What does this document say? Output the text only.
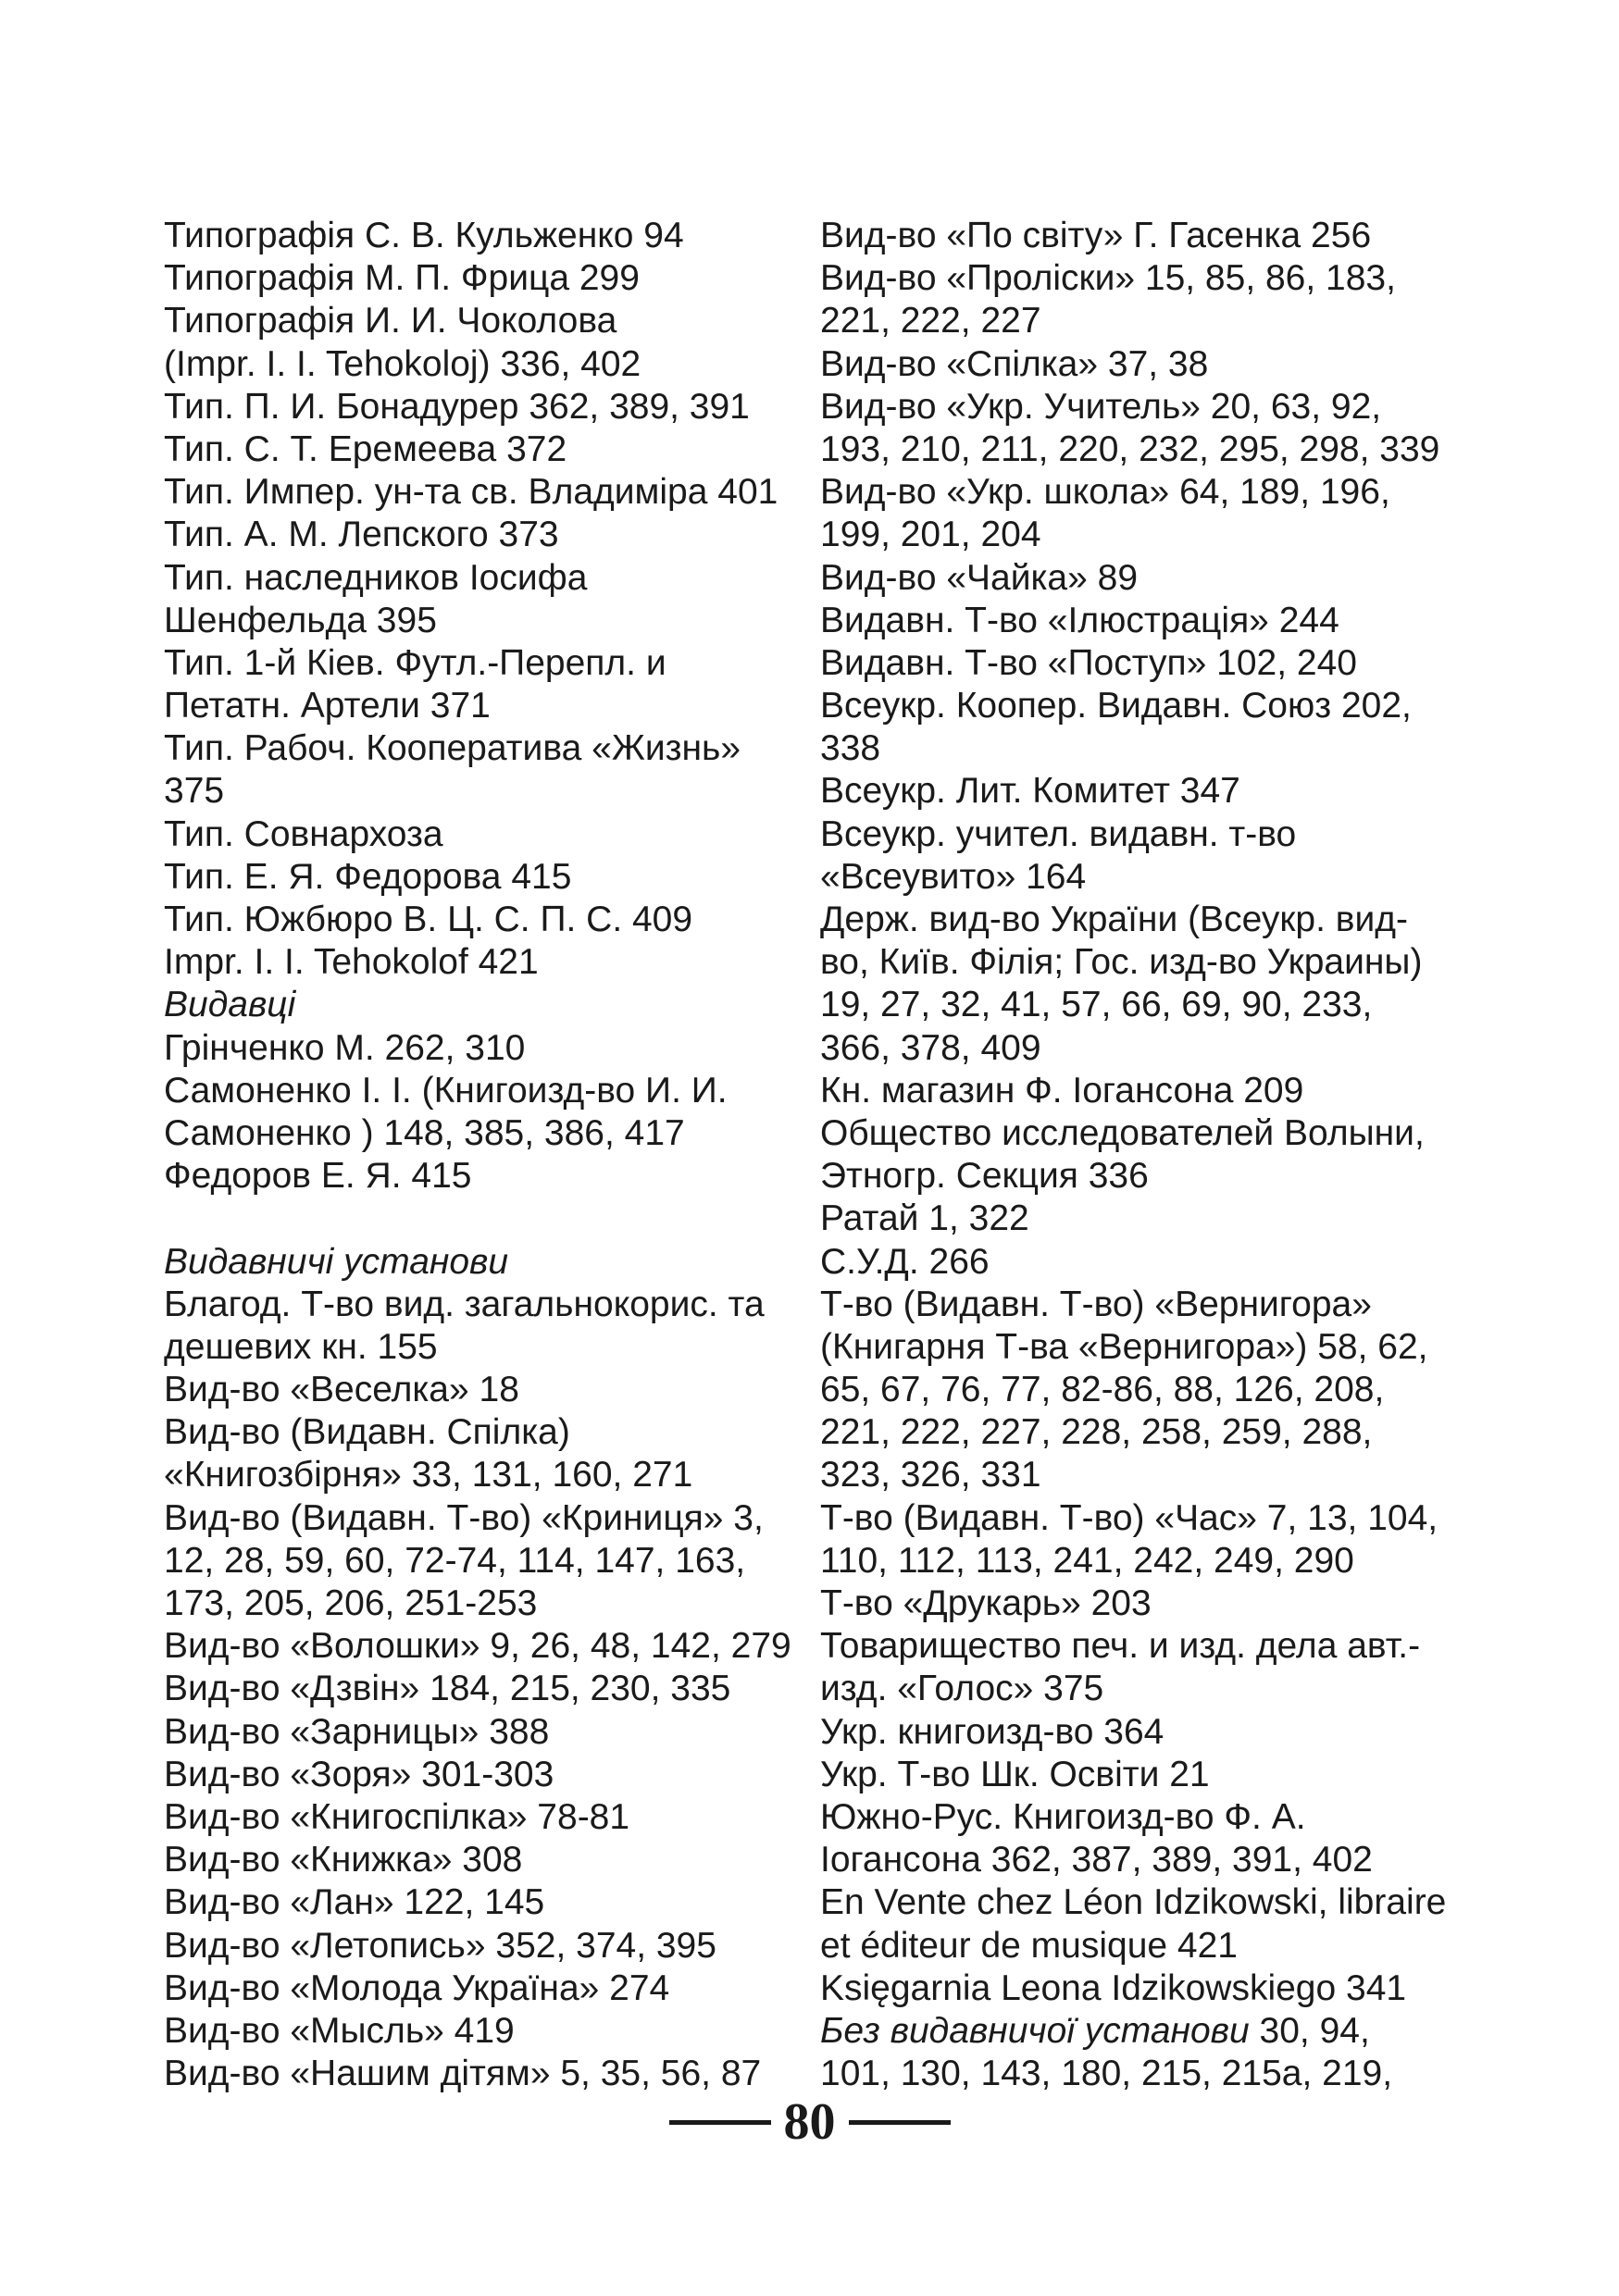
Типографія С. В. Кульженко 94
Типографія М. П. Фрица 299
Типографія И. И. Чоколова
(Impr. I. I. Tehokoloj) 336, 402
Тип. П. И. Бонадурер 362, 389, 391
Тип. С. Т. Еремеева 372
Тип. Импер. ун-та св. Владиміра 401
Тип. А. М. Лепского 373
Тип. наследников Іосифа
Шенфельда 395
Тип. 1-й Кіев. Футл.-Перепл. и
Петатн. Артели 371
Тип. Рабоч. Кооператива «Жизнь»
375
Тип. Совнархоза
Тип. Е. Я. Федорова 415
Тип. Южбюро В. Ц. С. П. С. 409
Impr. I. I. Tehokolof 421
Видавці
Грінченко М. 262, 310
Самоненко І. І. (Книгоизд-во И. И.
Самоненко ) 148, 385, 386, 417
Федоров Е. Я. 415
Видавничі установи
Благод. Т-во вид. загальнокорис. та
дешевих кн. 155
Вид-во «Веселка» 18
Вид-во (Видавн. Спілка)
«Книгозбірня» 33, 131, 160, 271
Вид-во (Видавн. Т-во) «Криниця» 3,
12, 28, 59, 60, 72-74, 114, 147, 163,
173, 205, 206, 251-253
Вид-во «Волошки» 9, 26, 48, 142, 279
Вид-во «Дзвін» 184, 215, 230, 335
Вид-во «Зарницы» 388
Вид-во «Зоря» 301-303
Вид-во «Книгоспілка» 78-81
Вид-во «Книжка» 308
Вид-во «Лан» 122, 145
Вид-во «Летопись» 352, 374, 395
Вид-во «Молода Україна» 274
Вид-во «Мысль» 419
Вид-во «Нашим дітям» 5, 35, 56, 87
Вид-во «По світу» Г. Гасенка 256
Вид-во «Проліски» 15, 85, 86, 183,
221, 222, 227
Вид-во «Спілка» 37, 38
Вид-во «Укр. Учитель» 20, 63, 92,
193, 210, 211, 220, 232, 295, 298, 339
Вид-во «Укр. школа» 64, 189, 196,
199, 201, 204
Вид-во «Чайка» 89
Видавн. Т-во «Ілюстрація» 244
Видавн. Т-во «Поступ» 102, 240
Всеукр. Коопер. Видавн. Союз 202,
338
Всеукр. Лит. Комитет 347
Всеукр. учител. видавн. т-во
«Всеувито» 164
Держ. вид-во України (Всеукр. вид-
во, Київ. Філія; Гос. изд-во Украины)
19, 27, 32, 41, 57, 66, 69, 90, 233,
366, 378, 409
Кн. магазин Ф. Іогансона 209
Общество исследователей Волыни,
Этногр. Секция 336
Ратай 1, 322
С.У.Д. 266
Т-во (Видавн. Т-во) «Вернигора»
(Книгарня Т-ва «Вернигора») 58, 62,
65, 67, 76, 77, 82-86, 88, 126, 208,
221, 222, 227, 228, 258, 259, 288,
323, 326, 331
Т-во (Видавн. Т-во) «Час» 7, 13, 104,
110, 112, 113, 241, 242, 249, 290
Т-во «Друкарь» 203
Товарищество печ. и изд. дела авт.-
изд. «Голос» 375
Укр. книгоизд-во 364
Укр. Т-во Шк. Освіти 21
Южно-Рус. Книгоизд-во Ф. А.
Іогансона 362, 387, 389, 391, 402
En Vente chez Léon Idzikowski, libraire
et éditeur de musique 421
Księgarnia Leona Idzikowskiego 341
Без видавничої установи 30, 94,
101, 130, 143, 180, 215, 215а, 219,
80
